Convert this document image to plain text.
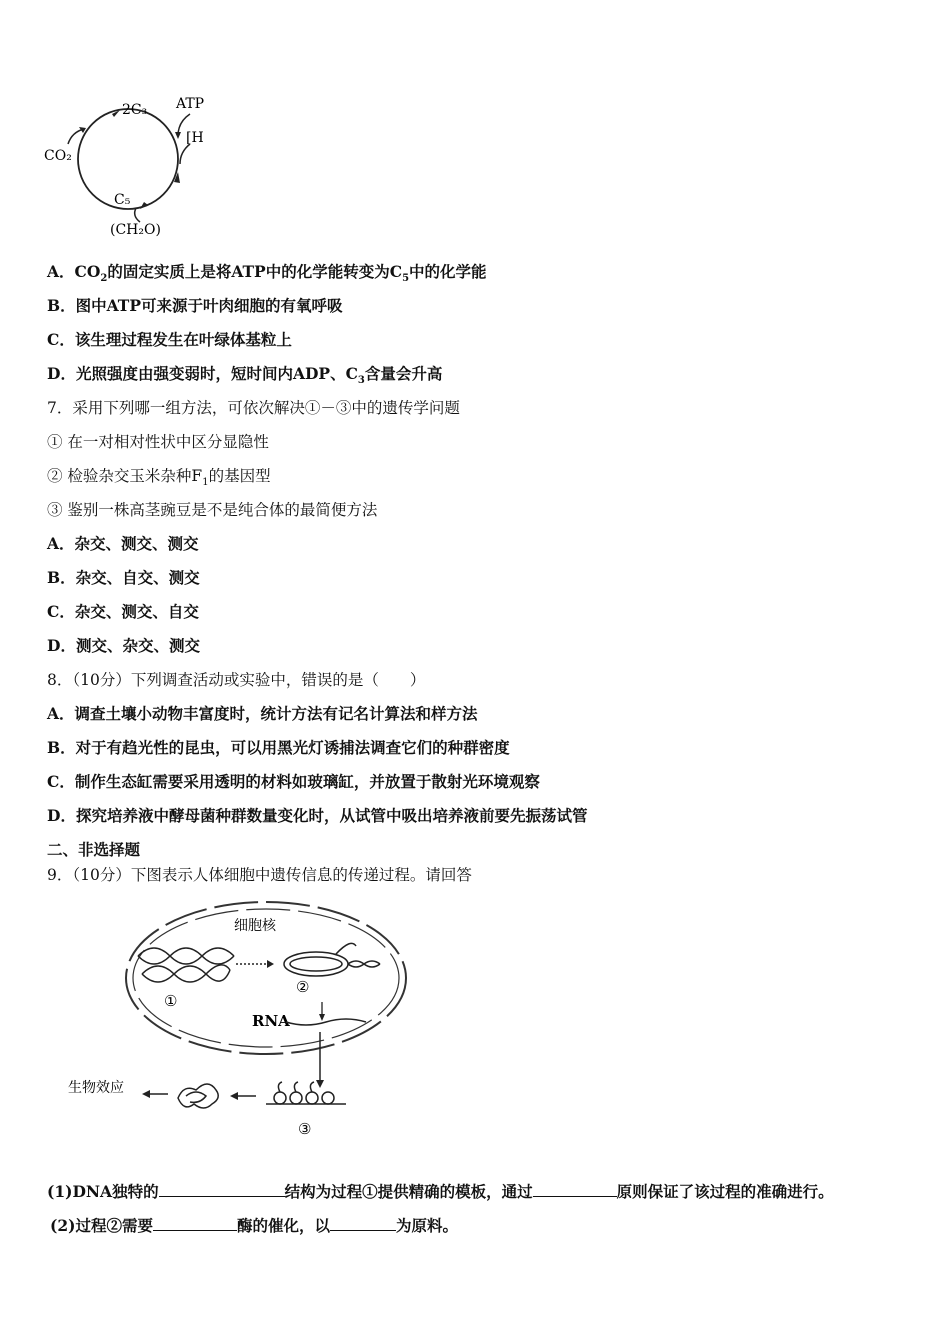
CO₂
2C₃ ATP
[H
C₅
(CH₂O)
A．$CO_2$的固定实质上是将ATP中的化学能转变为$C_5$中的化学能
B．图中ATP可来源于叶肉细胞的有氧呼吸
C．该生理过程发生在叶绿体基粒上
D．光照强度由强变弱时，短时间内ADP、$C_3$含量会升高
7．采用下列哪一组方法，可依次解决①－③中的遗传学问题
① 在一对相对性状中区分显隐性
② 检验杂交玉米杂种$F_1$的基因型
③ 鉴别一株高茎豌豆是不是纯合体的最简便方法
A．杂交、测交、测交
B．杂交、自交、测交
C．杂交、测交、自交
D．测交、杂交、测交
8．（10分）下列调查活动或实验中，错误的是（　　）
A．调查土壤小动物丰富度时，统计方法有记名计算法和样方法
B．对于有趋光性的昆虫，可以用黑光灯诱捕法调查它们的种群密度
C．制作生态缸需要采用透明的材料如玻璃缸，并放置于散射光环境观察
D．探究培养液中酵母菌种群数量变化时，从试管中吸出培养液前要先振荡试管
二、非选择题
9．（10分）下图表示人体细胞中遗传信息的传递过程。请回答
细胞核
①
②
RNA
③
生物效应
(1)DNA独特的	结构为过程①提供精确的模板，通过	原则保证了该过程的准确进行。
(2)过程②需要	酶的催化，以	为原料。
